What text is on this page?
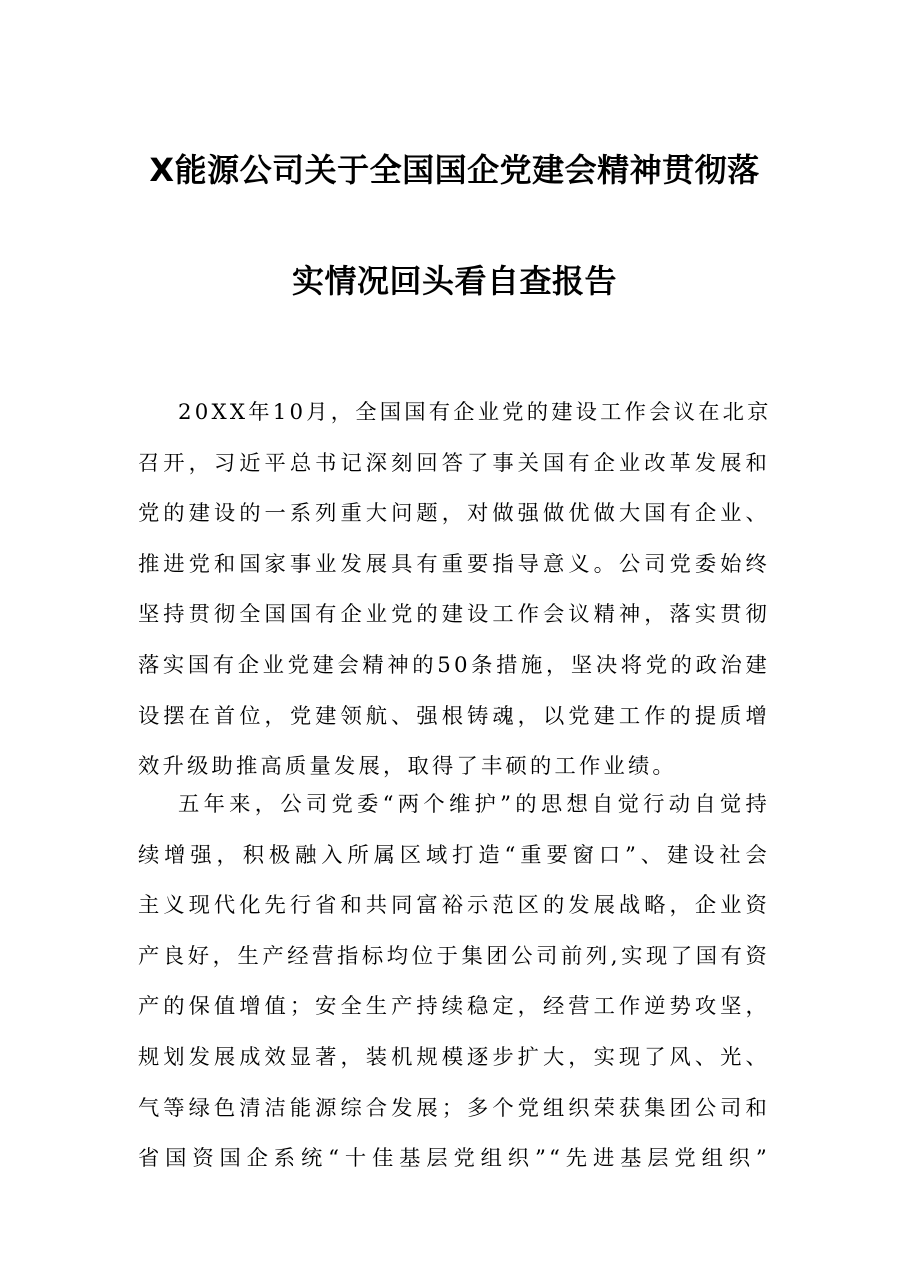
X能源公司关于全国国企党建会精神贯彻落
实情况回头看自查报告
20XX年10月，全国国有企业党的建设工作会议在北京
召开，习近平总书记深刻回答了事关国有企业改革发展和
党的建设的一系列重大问题，对做强做优做大国有企业、
推进党和国家事业发展具有重要指导意义。公司党委始终
坚持贯彻全国国有企业党的建设工作会议精神，落实贯彻
落实国有企业党建会精神的50条措施，坚决将党的政治建
设摆在首位，党建领航、强根铸魂，以党建工作的提质增
效升级助推高质量发展，取得了丰硕的工作业绩。
五年来，公司党委“两个维护”的思想自觉行动自觉持
续增强，积极融入所属区域打造“重要窗口”、建设社会
主义现代化先行省和共同富裕示范区的发展战略，企业资
产良好，生产经营指标均位于集团公司前列,实现了国有资
产的保值增值；安全生产持续稳定，经营工作逆势攻坚，
规划发展成效显著，装机规模逐步扩大，实现了风、光、
气等绿色清洁能源综合发展；多个党组织荣获集团公司和
省国资国企系统“十佳基层党组织”“先进基层党组织”
